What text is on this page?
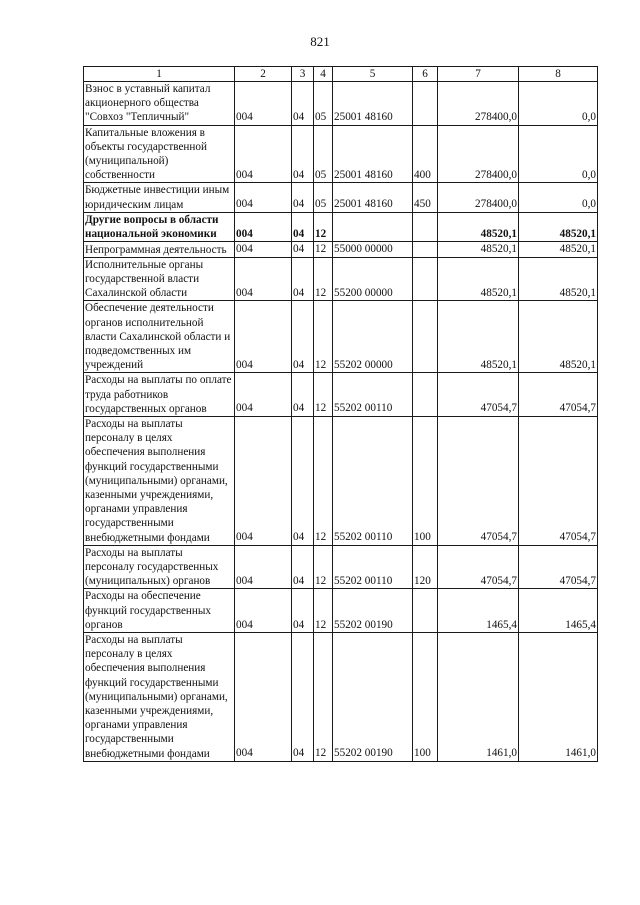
821
1	2	3	4	5	6	7	8
Взнос в уставный капитал акционерного общества "Совхоз "Тепличный"	004	04	05	25001 48160		278400,0	0,0
Капитальные вложения в объекты государственной (муниципальной) собственности	004	04	05	25001 48160	400	278400,0	0,0
Бюджетные инвестиции иным юридическим лицам	004	04	05	25001 48160	450	278400,0	0,0
Другие вопросы в области национальной экономики	004	04	12			48520,1	48520,1
Непрограммная деятельность	004	04	12	55000 00000		48520,1	48520,1
Исполнительные органы государственной власти Сахалинской области	004	04	12	55200 00000		48520,1	48520,1
Обеспечение деятельности органов исполнительной власти Сахалинской области и подведомственных им учреждений	004	04	12	55202 00000		48520,1	48520,1
Расходы на выплаты по оплате труда работников государственных органов	004	04	12	55202 00110		47054,7	47054,7
Расходы на выплаты персоналу в целях обеспечения выполнения функций государственными (муниципальными) органами, казенными учреждениями, органами управления государственными внебюджетными фондами	004	04	12	55202 00110	100	47054,7	47054,7
Расходы на выплаты персоналу государственных (муниципальных) органов	004	04	12	55202 00110	120	47054,7	47054,7
Расходы на обеспечение функций государственных органов	004	04	12	55202 00190		1465,4	1465,4
Расходы на выплаты персоналу в целях обеспечения выполнения функций государственными (муниципальными) органами, казенными учреждениями, органами управления государственными внебюджетными фондами	004	04	12	55202 00190	100	1461,0	1461,0
